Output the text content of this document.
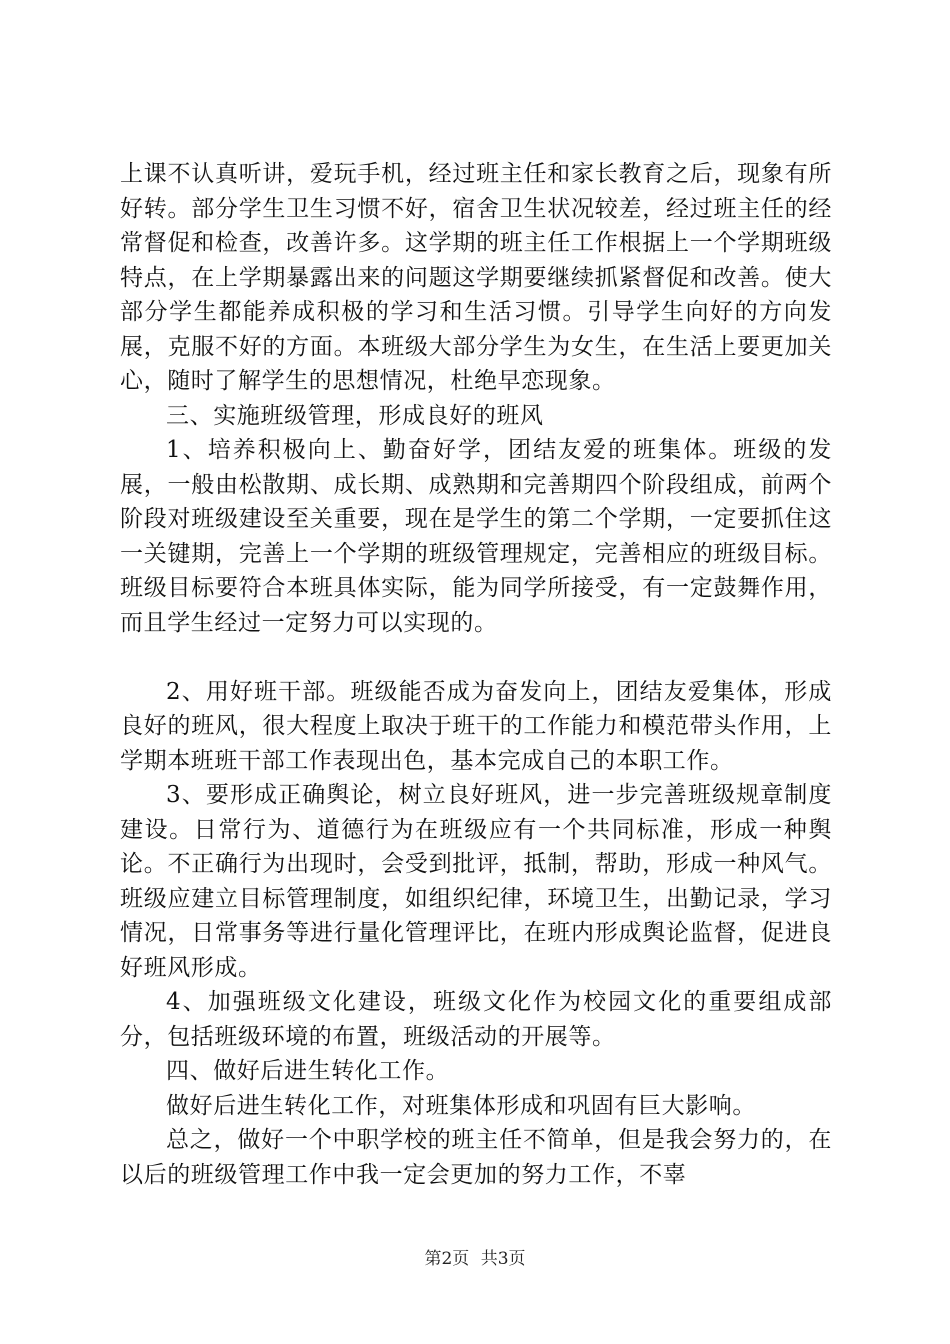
上课不认真听讲，爱玩手机，经过班主任和家长教育之后，现象有所好转。部分学生卫生习惯不好，宿舍卫生状况较差，经过班主任的经常督促和检查，改善许多。这学期的班主任工作根据上一个学期班级特点，在上学期暴露出来的问题这学期要继续抓紧督促和改善。使大部分学生都能养成积极的学习和生活习惯。引导学生向好的方向发展，克服不好的方面。本班级大部分学生为女生，在生活上要更加关心，随时了解学生的思想情况，杜绝早恋现象。

三、实施班级管理，形成良好的班风

1、培养积极向上、勤奋好学，团结友爱的班集体。班级的发展，一般由松散期、成长期、成熟期和完善期四个阶段组成，前两个阶段对班级建设至关重要，现在是学生的第二个学期，一定要抓住这一关键期，完善上一个学期的班级管理规定，完善相应的班级目标。班级目标要符合本班具体实际，能为同学所接受，有一定鼓舞作用，而且学生经过一定努力可以实现的。

2、用好班干部。班级能否成为奋发向上，团结友爱集体，形成良好的班风，很大程度上取决于班干的工作能力和模范带头作用，上学期本班班干部工作表现出色，基本完成自己的本职工作。

3、要形成正确舆论，树立良好班风，进一步完善班级规章制度建设。日常行为、道德行为在班级应有一个共同标准，形成一种舆论。不正确行为出现时，会受到批评，抵制，帮助，形成一种风气。班级应建立目标管理制度，如组织纪律，环境卫生，出勤记录，学习情况，日常事务等进行量化管理评比，在班内形成舆论监督，促进良好班风形成。

4、加强班级文化建设，班级文化作为校园文化的重要组成部分，包括班级环境的布置，班级活动的开展等。

四、做好后进生转化工作。

做好后进生转化工作，对班集体形成和巩固有巨大影响。

总之，做好一个中职学校的班主任不简单，但是我会努力的，在以后的班级管理工作中我一定会更加的努力工作，不辜

第2页 共3页
